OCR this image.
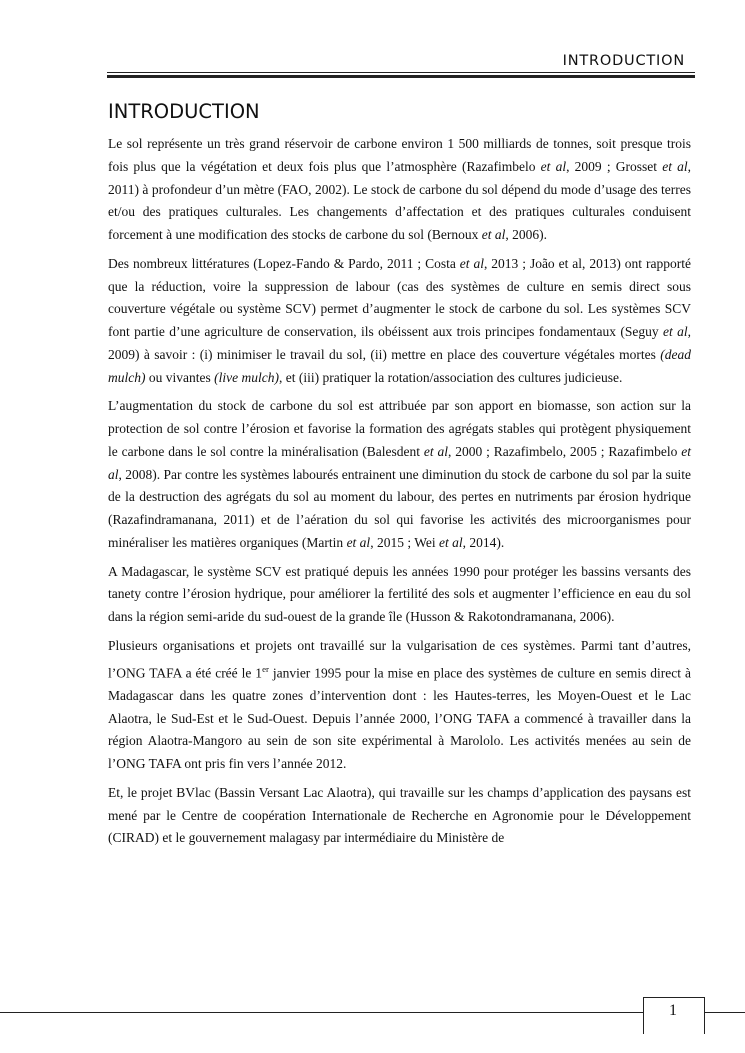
INTRODUCTION
INTRODUCTION

Le sol représente un très grand réservoir de carbone environ 1 500 milliards de tonnes, soit presque trois fois plus que la végétation et deux fois plus que l’atmosphère (Razafimbelo et al, 2009 ; Grosset et al, 2011) à profondeur d’un mètre (FAO, 2002). Le stock de carbone du sol dépend du mode d’usage des terres et/ou des pratiques culturales. Les changements d’affectation et des pratiques culturales conduisent forcement à une modification des stocks de carbone du sol (Bernoux et al, 2006).

Des nombreux littératures (Lopez-Fando & Pardo, 2011 ; Costa et al, 2013 ; João et al, 2013) ont rapporté que la réduction, voire la suppression de labour (cas des systèmes de culture en semis direct sous couverture végétale ou système SCV) permet d’augmenter le stock de carbone du sol. Les systèmes SCV font partie d’une agriculture de conservation, ils obéissent aux trois principes fondamentaux (Seguy et al, 2009) à savoir : (i) minimiser le travail du sol, (ii) mettre en place des couverture végétales mortes (dead mulch) ou vivantes (live mulch), et (iii) pratiquer la rotation/association des cultures judicieuse.

L’augmentation du stock de carbone du sol est attribuée par son apport en biomasse, son action sur la protection de sol contre l’érosion et favorise la formation des agrégats stables qui protègent physiquement le carbone dans le sol contre la minéralisation (Balesdent et al, 2000 ; Razafimbelo, 2005 ; Razafimbelo et al, 2008). Par contre les systèmes labourés entrainent une diminution du stock de carbone du sol par la suite de la destruction des agrégats du sol au moment du labour, des pertes en nutriments par érosion hydrique (Razafindramanana, 2011) et de l’aération du sol qui favorise les activités des microorganismes pour minéraliser les matières organiques (Martin et al, 2015 ; Wei et al, 2014).

A Madagascar, le système SCV est pratiqué depuis les années 1990 pour protéger les bassins versants des tanety contre l’érosion hydrique, pour améliorer la fertilité des sols et augmenter l’efficience en eau du sol dans la région semi-aride du sud-ouest de la grande île (Husson & Rakotondramanana, 2006).

Plusieurs organisations et projets ont travaillé sur la vulgarisation de ces systèmes. Parmi tant d’autres, l’ONG TAFA a été créé le 1er janvier 1995 pour la mise en place des systèmes de culture en semis direct à Madagascar dans les quatre zones d’intervention dont : les Hautes-terres, les Moyen-Ouest et le Lac Alaotra, le Sud-Est et le Sud-Ouest. Depuis l’année 2000, l’ONG TAFA a commencé à travailler dans la région Alaotra-Mangoro au sein de son site expérimental à Marololo. Les activités menées au sein de l’ONG TAFA ont pris fin vers l’année 2012.

Et, le projet BVlac (Bassin Versant Lac Alaotra), qui travaille sur les champs d’application des paysans est mené par le Centre de coopération Internationale de Recherche en Agronomie pour le Développement (CIRAD) et le gouvernement malagasy par intermédiaire du Ministère de

1
